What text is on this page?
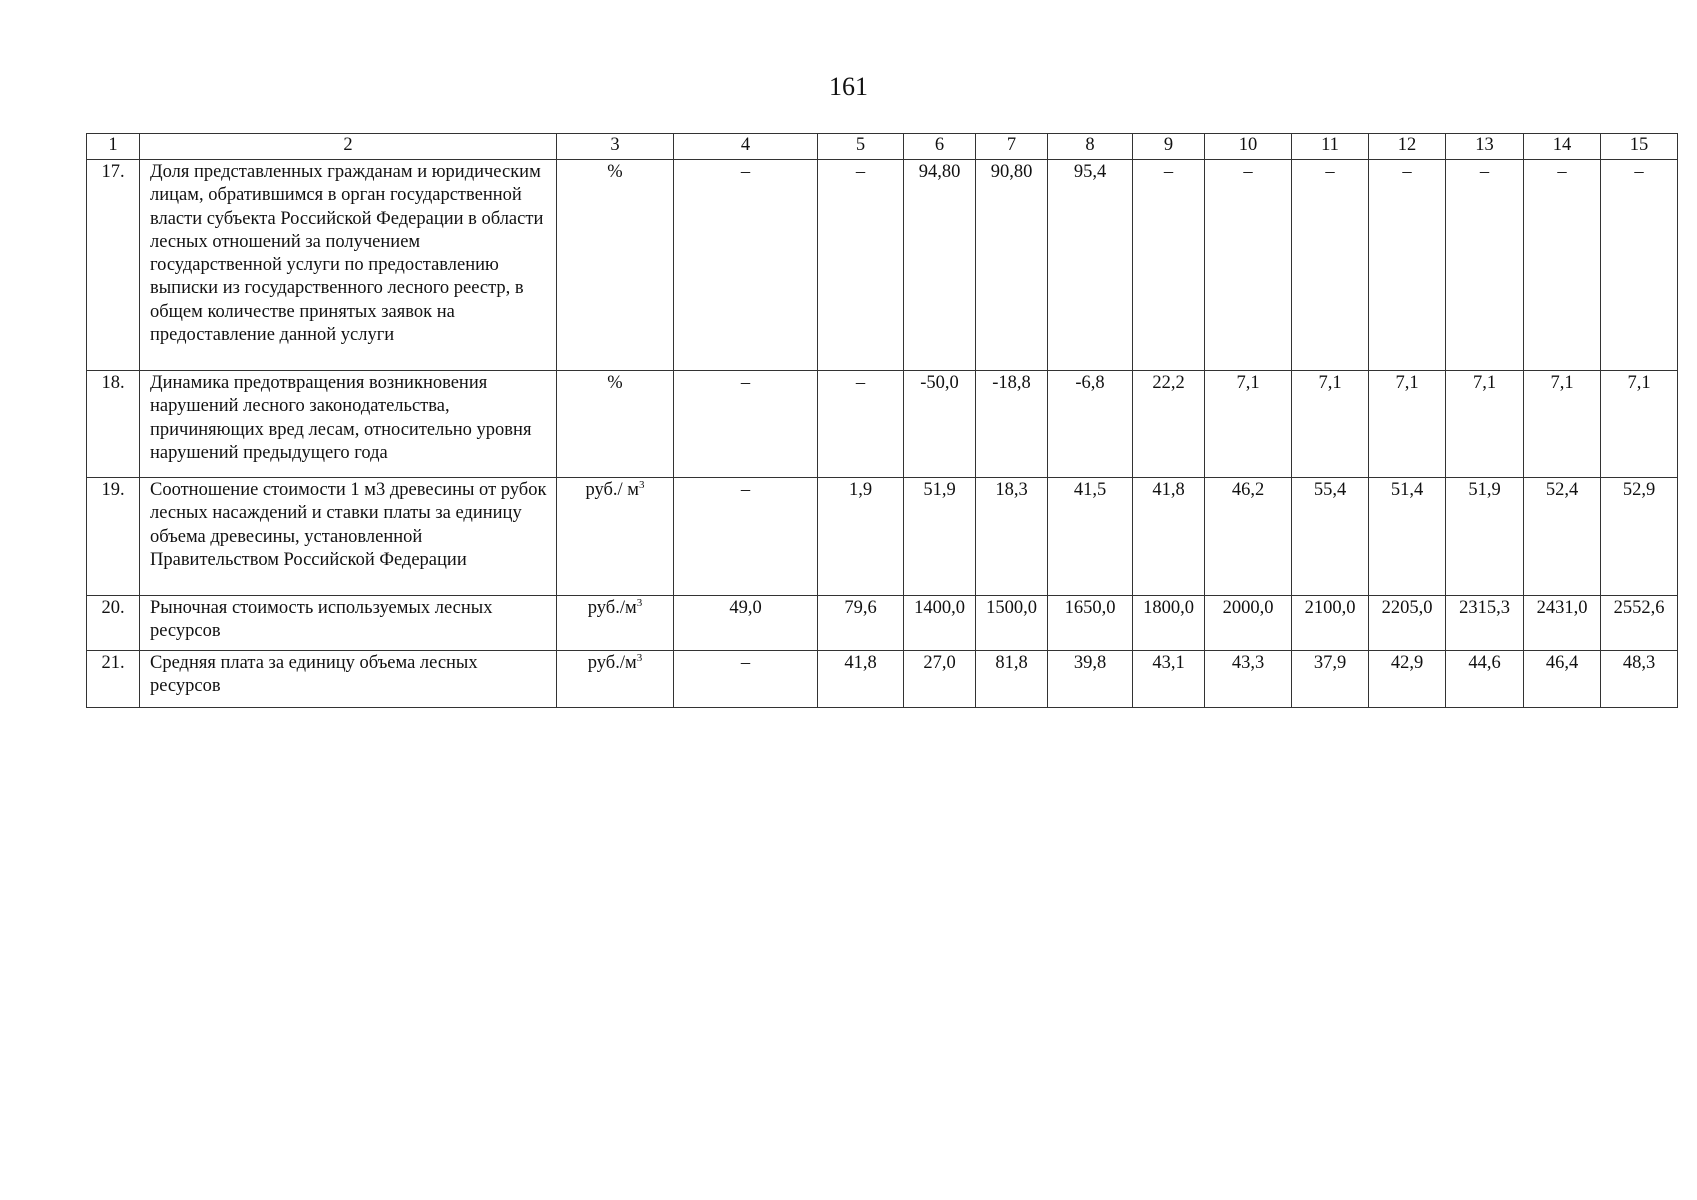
161
1	2	3	4	5	6	7	8	9	10	11	12	13	14	15
17.	Доля представленных гражданам и юридическим лицам, обратившимся в орган государственной власти субъекта Российской Федерации в области лесных отношений за получением государственной услуги по предоставлению выписки из государственного лесного реестр, в общем количестве принятых заявок на предоставление данной услуги	%	–	–	94,80	90,80	95,4	–	–	–	–	–	–	–
18.	Динамика предотвращения возникновения нарушений лесного законодательства, причиняющих вред лесам, относительно уровня нарушений предыдущего года	%	–	–	-50,0	-18,8	-6,8	22,2	7,1	7,1	7,1	7,1	7,1	7,1
19.	Соотношение стоимости 1 м3 древесины от рубок лесных насаждений и ставки платы за единицу объема древесины, установленной Правительством Российской Федерации	руб./ $м^3$	–	1,9	51,9	18,3	41,5	41,8	46,2	55,4	51,4	51,9	52,4	52,9
20.	Рыночная стоимость используемых лесных ресурсов	$руб./м^3$	49,0	79,6	1400,0	1500,0	1650,0	1800,0	2000,0	2100,0	2205,0	2315,3	2431,0	2552,6
21.	Средняя плата за единицу объема лесных ресурсов	$руб./м^3$	–	41,8	27,0	81,8	39,8	43,1	43,3	37,9	42,9	44,6	46,4	48,3
